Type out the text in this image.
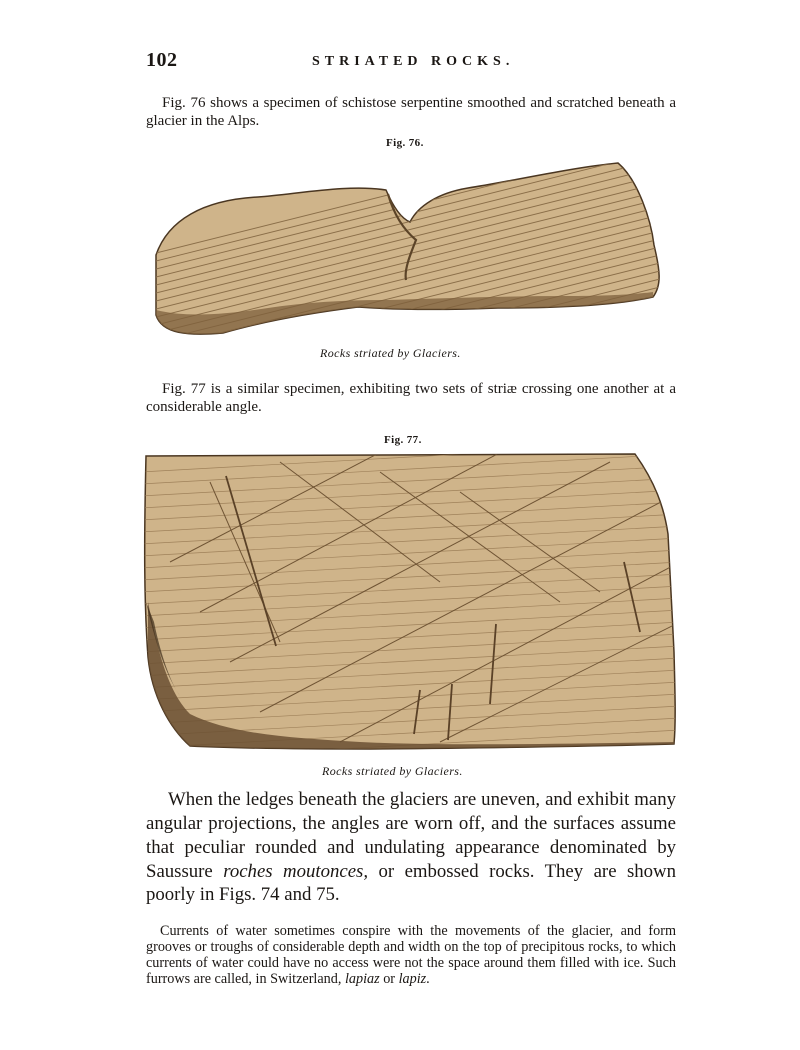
102	STRIATED ROCKS.

Fig. 76 shows a specimen of schistose serpentine smoothed and scratched beneath a glacier in the Alps.

Fig. 76.
Rocks striated by Glaciers.

Fig. 77 is a similar specimen, exhibiting two sets of striæ crossing one another at a considerable angle.

Fig. 77.
Rocks striated by Glaciers.

When the ledges beneath the glaciers are uneven, and exhibit many angular projections, the angles are worn off, and the surfaces assume that peculiar rounded and undulating appearance denominated by Saussure roches moutonces, or embossed rocks. They are shown poorly in Figs. 74 and 75.

Currents of water sometimes conspire with the movements of the glacier, and form grooves or troughs of considerable depth and width on the top of precipitous rocks, to which currents of water could have no access were not the space around them filled with ice. Such furrows are called, in Switzerland, lapiaz or lapiz.
